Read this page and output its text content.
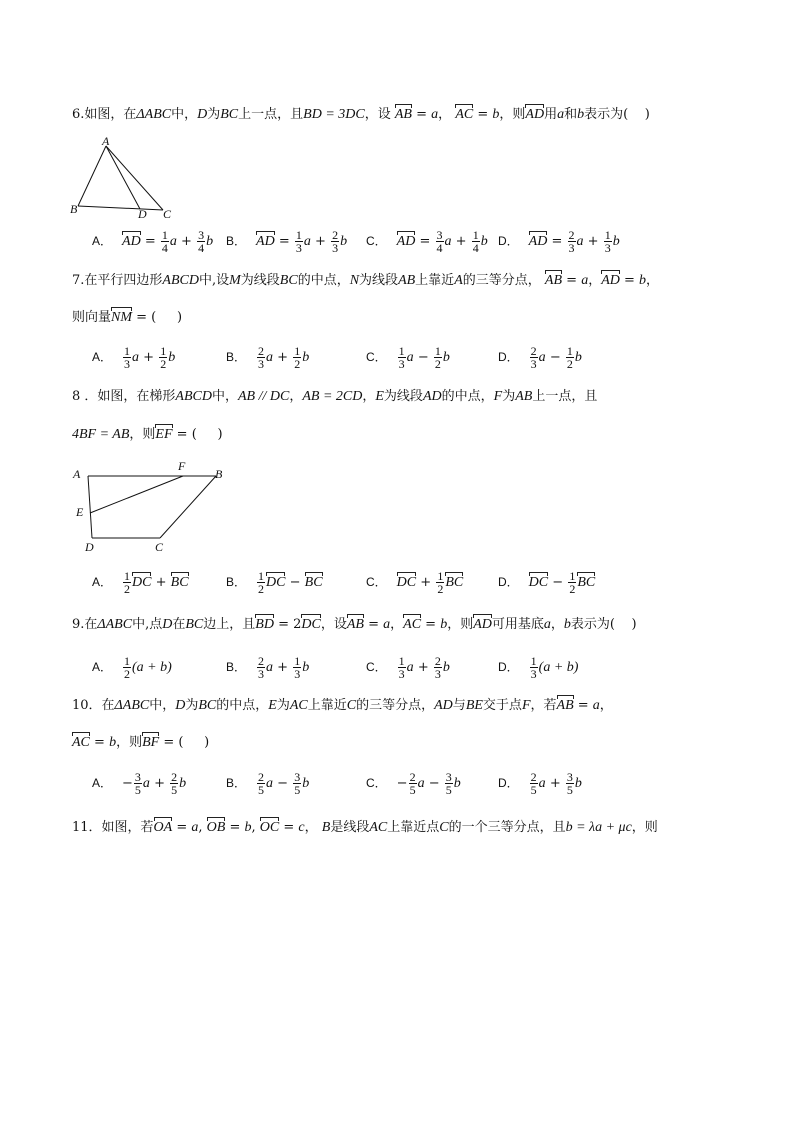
6.如图，在ΔABC中，D为BC上一点，且BD = 3DC，设 AB = a， AC = b，则AD用a和b表示为( )
A
B	D C
A． AD = $\frac{1}{4}$ $a + \frac{3}{4}$ b B． AD = $\frac{1}{3}$ $a + \frac{2}{3}$ b C． AD = $\frac{3}{4}$ $a + \frac{1}{4}$ b D． AD = $\frac{2}{3}$ $a + \frac{1}{3}$ b
7.在平行四边形ABCD中,设M为线段BC的中点，N为线段AB上靠近A的三等分点， AB = a，AD = b，
则向量NM = ( )
A． $\frac{1}{3}$ $a + \frac{1}{2}$ b	B． $\frac{2}{3}$ $a + \frac{1}{2}$ b	C． $\frac{1}{3}$ $a - \frac{1}{2}$ b	D． $\frac{2}{3}$ $a - \frac{1}{2}$ b
8 ．如图，在梯形ABCD中，AB // DC，AB = 2CD，E为线段AD的中点，F为AB上一点，且
4BF = AB，则EF = ( )
A
F
B
E
D	C
A． $\frac{1}{2}$ DC + BC	B． $\frac{1}{2}$ DC − BC	C． DC + $\frac{1}{2}$ BC	D． DC − $\frac{1}{2}$ BC
9.在ΔABC中,点D在BC边上，且BD = 2DC，设AB = a，AC = b，则AD可用基底a，b表示为( )
A． $\frac{1}{2} (a + b)$	B． $\frac{2}{3}$ $a + \frac{1}{3}$ b	C． $\frac{1}{3}$ $a + \frac{2}{3}$ b	D． $\frac{1}{3} (a + b)$
10．在ΔABC中，D为BC的中点，E为AC上靠近C的三等分点，AD与BE交于点F，若AB = a，
AC = b，则BF = ( )
A． − $\frac{3}{5}$ $a + \frac{2}{5}$ b	B． $\frac{2}{5}$ $a - \frac{3}{5}$ b	C． − $\frac{2}{5}$ $a - \frac{3}{5}$ b	D． $\frac{2}{5}$ $a + \frac{3}{5}$ b
11．如图，若OA = a, OB = b, OC = c， B是线段AC上靠近点C的一个三等分点，且b = λa + μc，则
